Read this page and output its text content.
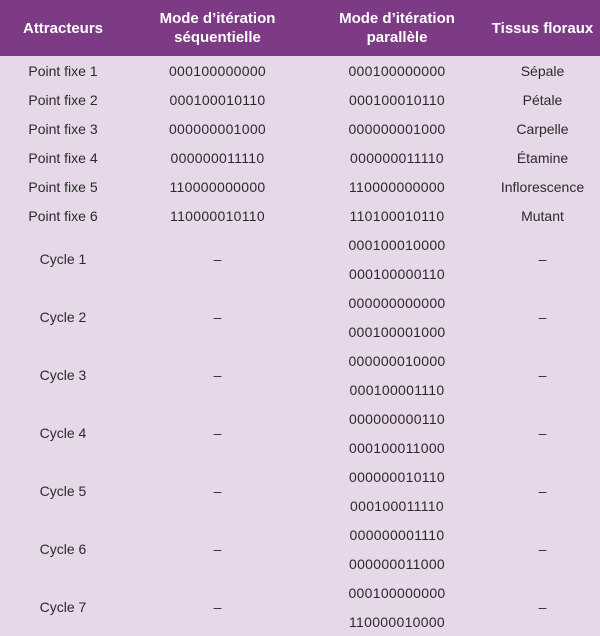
Attracteurs	Mode d’itération séquentielle	Mode d’itération parallèle	Tissus floraux
Point fixe 1	000100000000	000100000000	Sépale
Point fixe 2	000100010110	000100010110	Pétale
Point fixe 3	000000001000	000000001000	Carpelle
Point fixe 4	000000011110	000000011110	Étamine
Point fixe 5	110000000000	110000000000	Inflorescence
Point fixe 6	110000010110	110100010110	Mutant
Cycle 1	–	000100010000	–
		000100000110	
Cycle 2	–	000000000000	–
		000100001000	
Cycle 3	–	000000010000	–
		000100001110	
Cycle 4	–	000000000110	–
		000100011000	
Cycle 5	–	000000010110	–
		000100011110	
Cycle 6	–	000000001110	–
		000000011000	
Cycle 7	–	000100000000	–
		110000010000	
